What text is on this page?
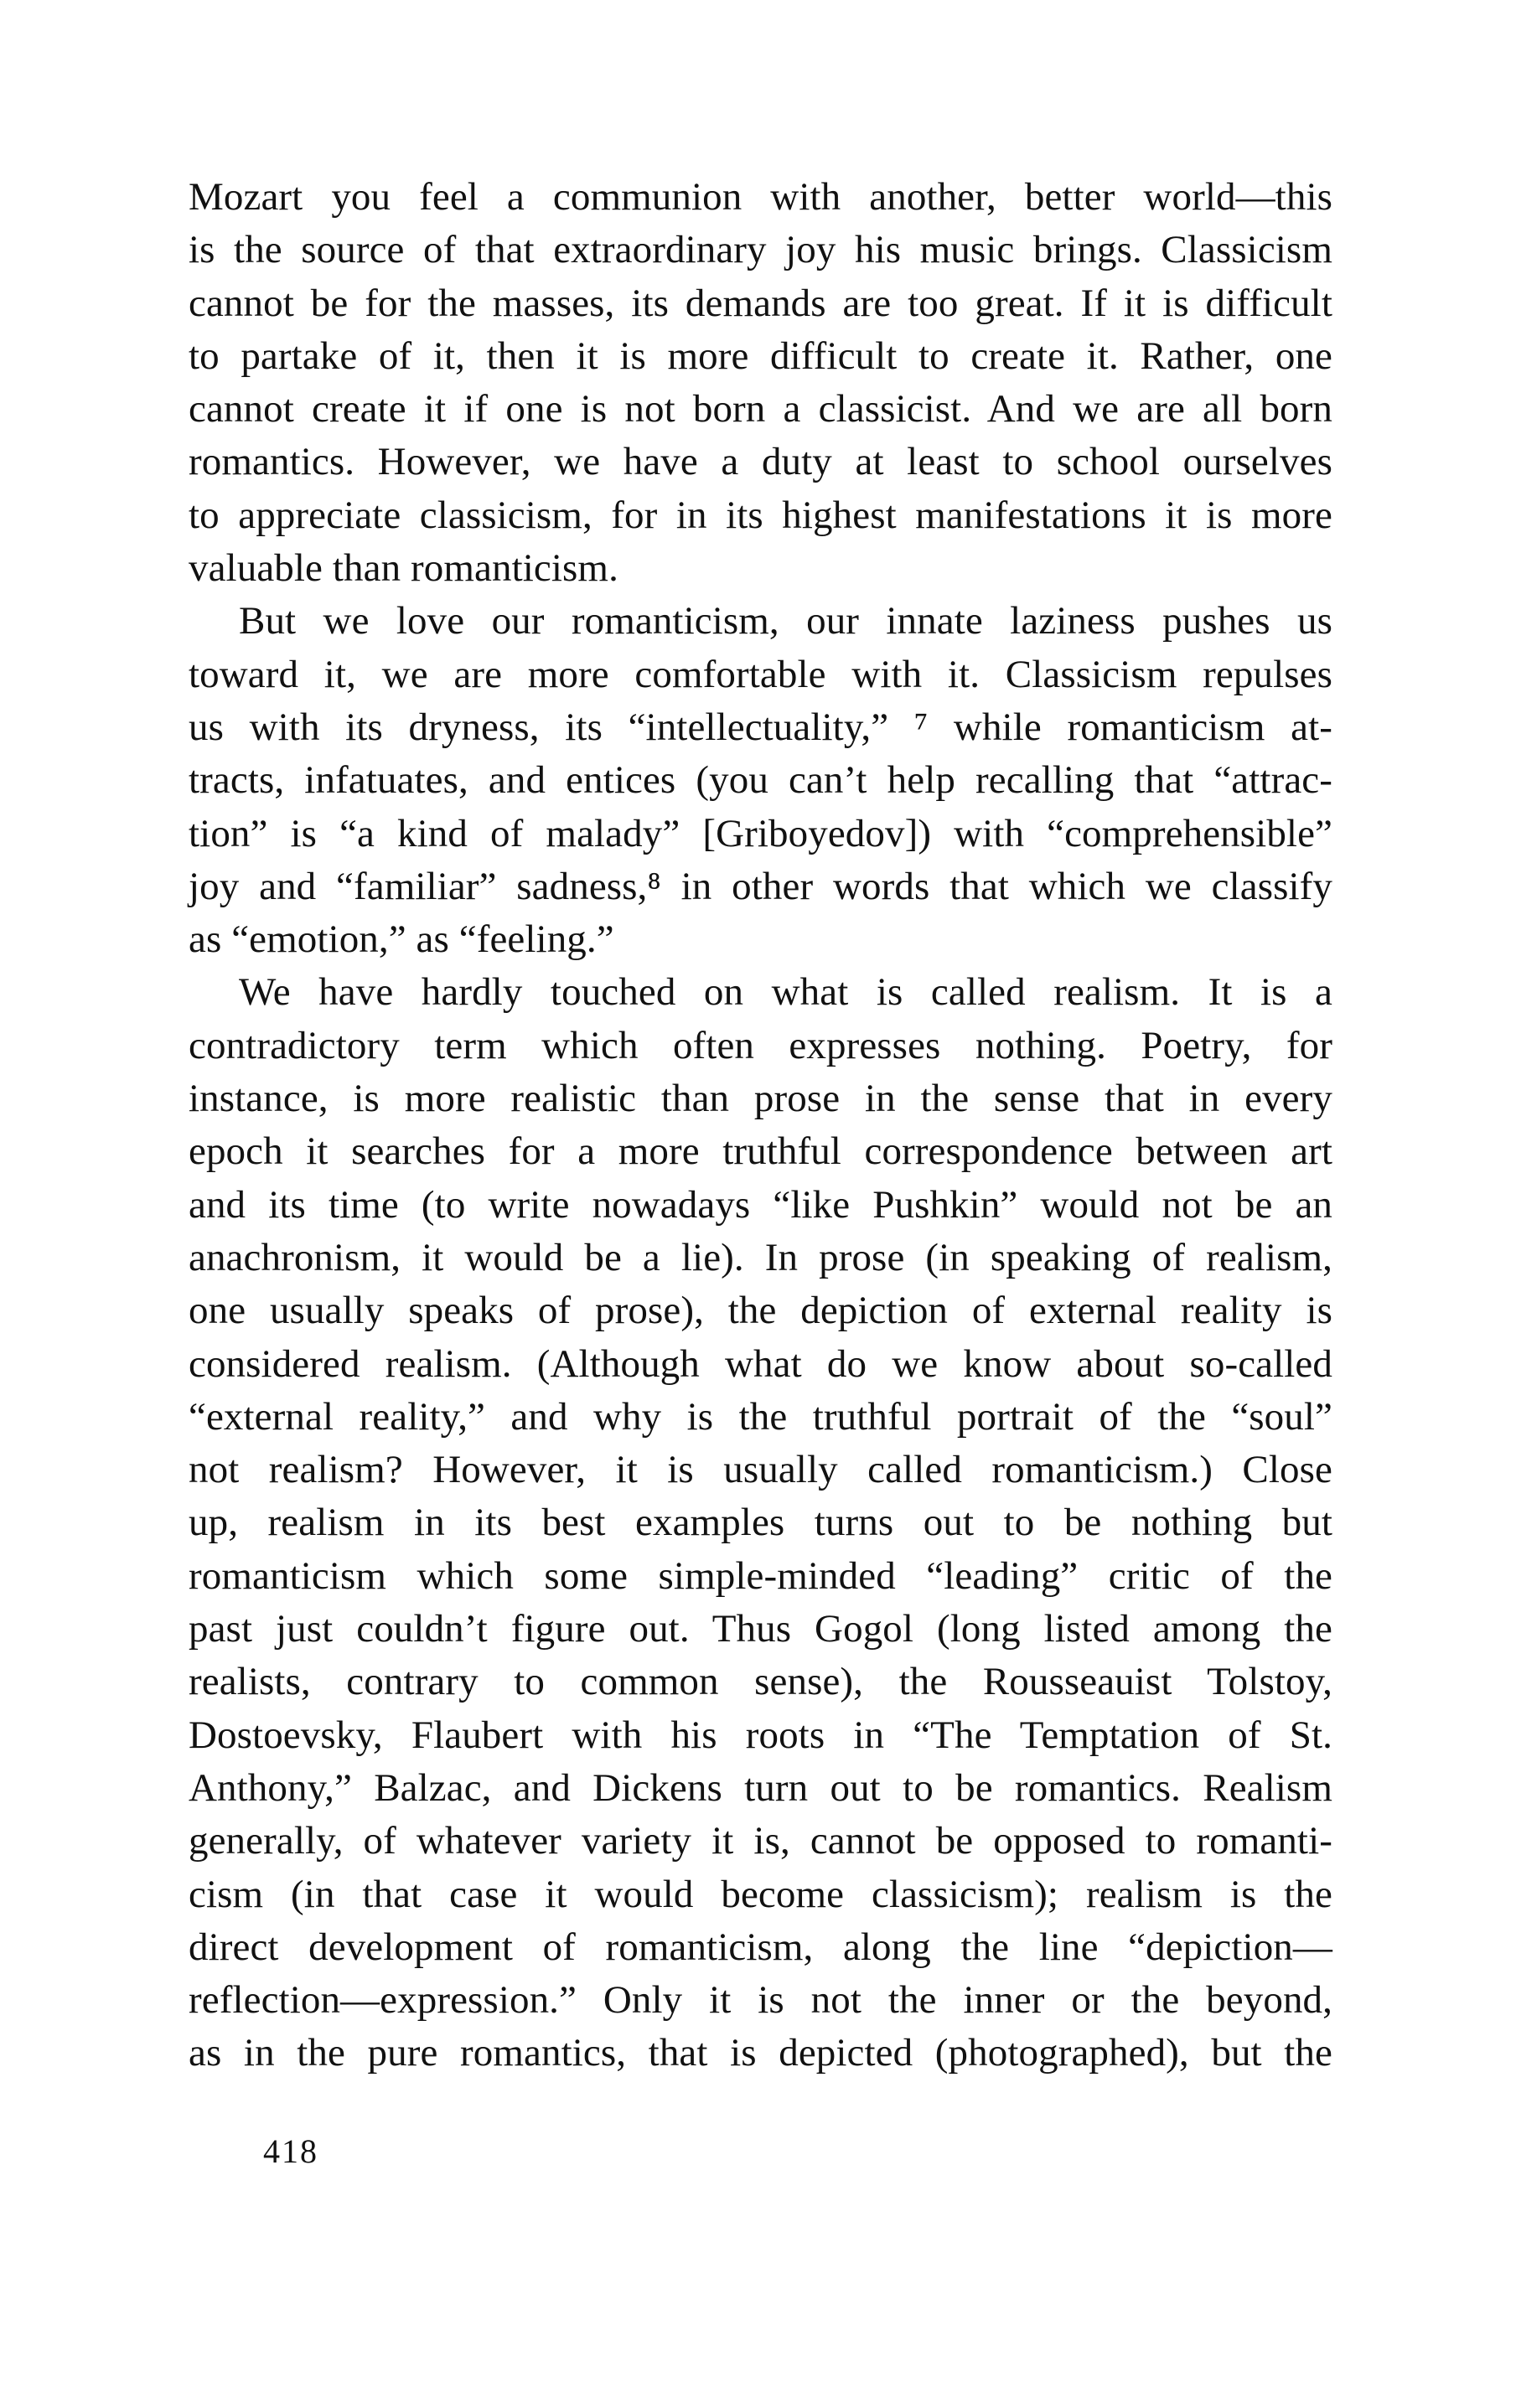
Mozart you feel a communion with another, better world—this
is the source of that extraordinary joy his music brings. Classicism
cannot be for the masses, its demands are too great. If it is difficult
to partake of it, then it is more difficult to create it. Rather, one
cannot create it if one is not born a classicist. And we are all born
romantics. However, we have a duty at least to school ourselves
to appreciate classicism, for in its highest manifestations it is more
valuable than romanticism.
But we love our romanticism, our innate laziness pushes us
toward it, we are more comfortable with it. Classicism repulses
us with its dryness, its “intellectuality,” ⁷ while romanticism at-
tracts, infatuates, and entices (you can’t help recalling that “attrac-
tion” is “a kind of malady” [Griboyedov]) with “comprehensible”
joy and “familiar” sadness,⁸ in other words that which we classify
as “emotion,” as “feeling.”
We have hardly touched on what is called realism. It is a
contradictory term which often expresses nothing. Poetry, for
instance, is more realistic than prose in the sense that in every
epoch it searches for a more truthful correspondence between art
and its time (to write nowadays “like Pushkin” would not be an
anachronism, it would be a lie). In prose (in speaking of realism,
one usually speaks of prose), the depiction of external reality is
considered realism. (Although what do we know about so-called
“external reality,” and why is the truthful portrait of the “soul”
not realism? However, it is usually called romanticism.) Close
up, realism in its best examples turns out to be nothing but
romanticism which some simple-minded “leading” critic of the
past just couldn’t figure out. Thus Gogol (long listed among the
realists, contrary to common sense), the Rousseauist Tolstoy,
Dostoevsky, Flaubert with his roots in “The Temptation of St.
Anthony,” Balzac, and Dickens turn out to be romantics. Realism
generally, of whatever variety it is, cannot be opposed to romanti-
cism (in that case it would become classicism); realism is the
direct development of romanticism, along the line “depiction—
reflection—expression.” Only it is not the inner or the beyond,
as in the pure romantics, that is depicted (photographed), but the
418
